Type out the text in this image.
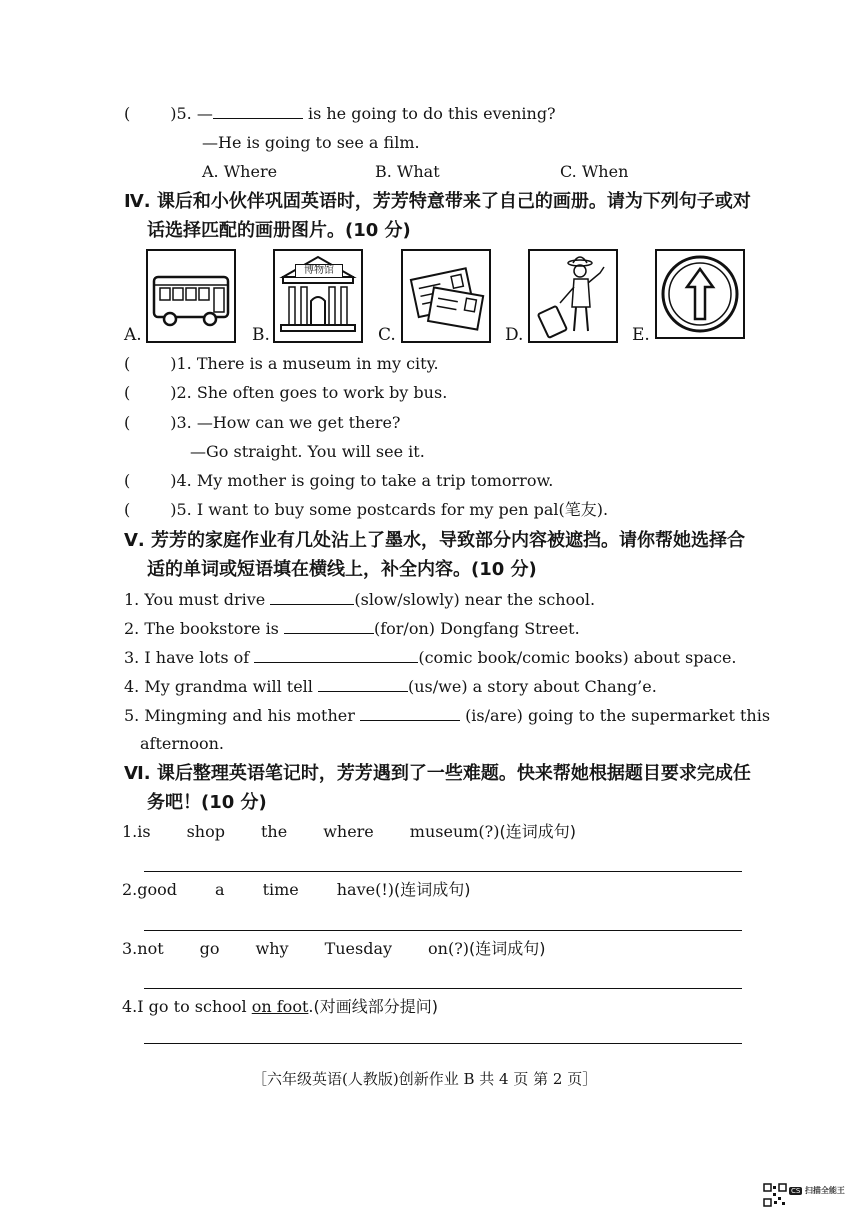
(	)5. —	is he going to do this evening?
—He is going to see a film.
A. Where	B. What	C. When
Ⅳ. 课后和小伙伴巩固英语时，芳芳特意带来了自己的画册。请为下列句子或对
话选择匹配的画册图片。(10 分)
A.	B.
博物馆
C.	D.	E.
(	)1. There is a museum in my city.
(	)2. She often goes to work by bus.
(	)3. —How can we get there?
—Go straight. You will see it.
(	)4. My mother is going to take a trip tomorrow.
(	)5. I want to buy some postcards for my pen pal(笔友).
Ⅴ. 芳芳的家庭作业有几处沾上了墨水，导致部分内容被遮挡。请你帮她选择合
适的单词或短语填在横线上，补全内容。(10 分)
1. You must drive	(slow/slowly) near the school.
2. The bookstore is	(for/on) Dongfang Street.
3. I have lots of	(comic book/comic books) about space.
4. My grandma will tell	(us/we) a story about Chang’e.
5. Mingming and his mother	(is/are) going to the supermarket this
afternoon.
Ⅵ. 课后整理英语笔记时，芳芳遇到了一些难题。快来帮她根据题目要求完成任
务吧！(10 分)
1.is shop the where museum(?)(连词成句)
2.good a time have(!)(连词成句)
3.not go why Tuesday on(?)(连词成句)
4.I go to school on foot.(对画线部分提问)
［六年级英语(人教版)创新作业 B 共 4 页 第 2 页］
CS 扫描全能王
